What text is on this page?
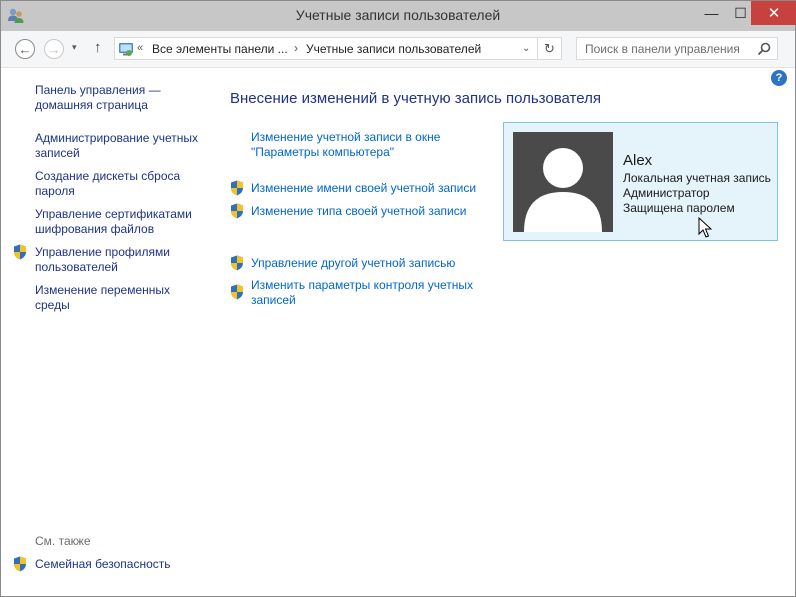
Учетные записи пользователей	—	☐	✕
← →	▾ ↑	« Все элементы панели ... › Учетные записи пользователей	⌄	↻	Поиск в панели управления
?
Панель управления —
домашняя страница
Администрирование учетных
записей
Создание дискеты сброса
пароля
Управление сертификатами
шифрования файлов
Управление профилями
пользователей
Изменение переменных
среды
См. также
Семейная безопасность
Внесение изменений в учетную запись пользователя
Изменение учетной записи в окне
"Параметры компьютера"
Изменение имени своей учетной записи
Изменение типа своей учетной записи
Управление другой учетной записью
Изменить параметры контроля учетных
записей
Alex
Локальная учетная запись
Администратор
Защищена паролем
